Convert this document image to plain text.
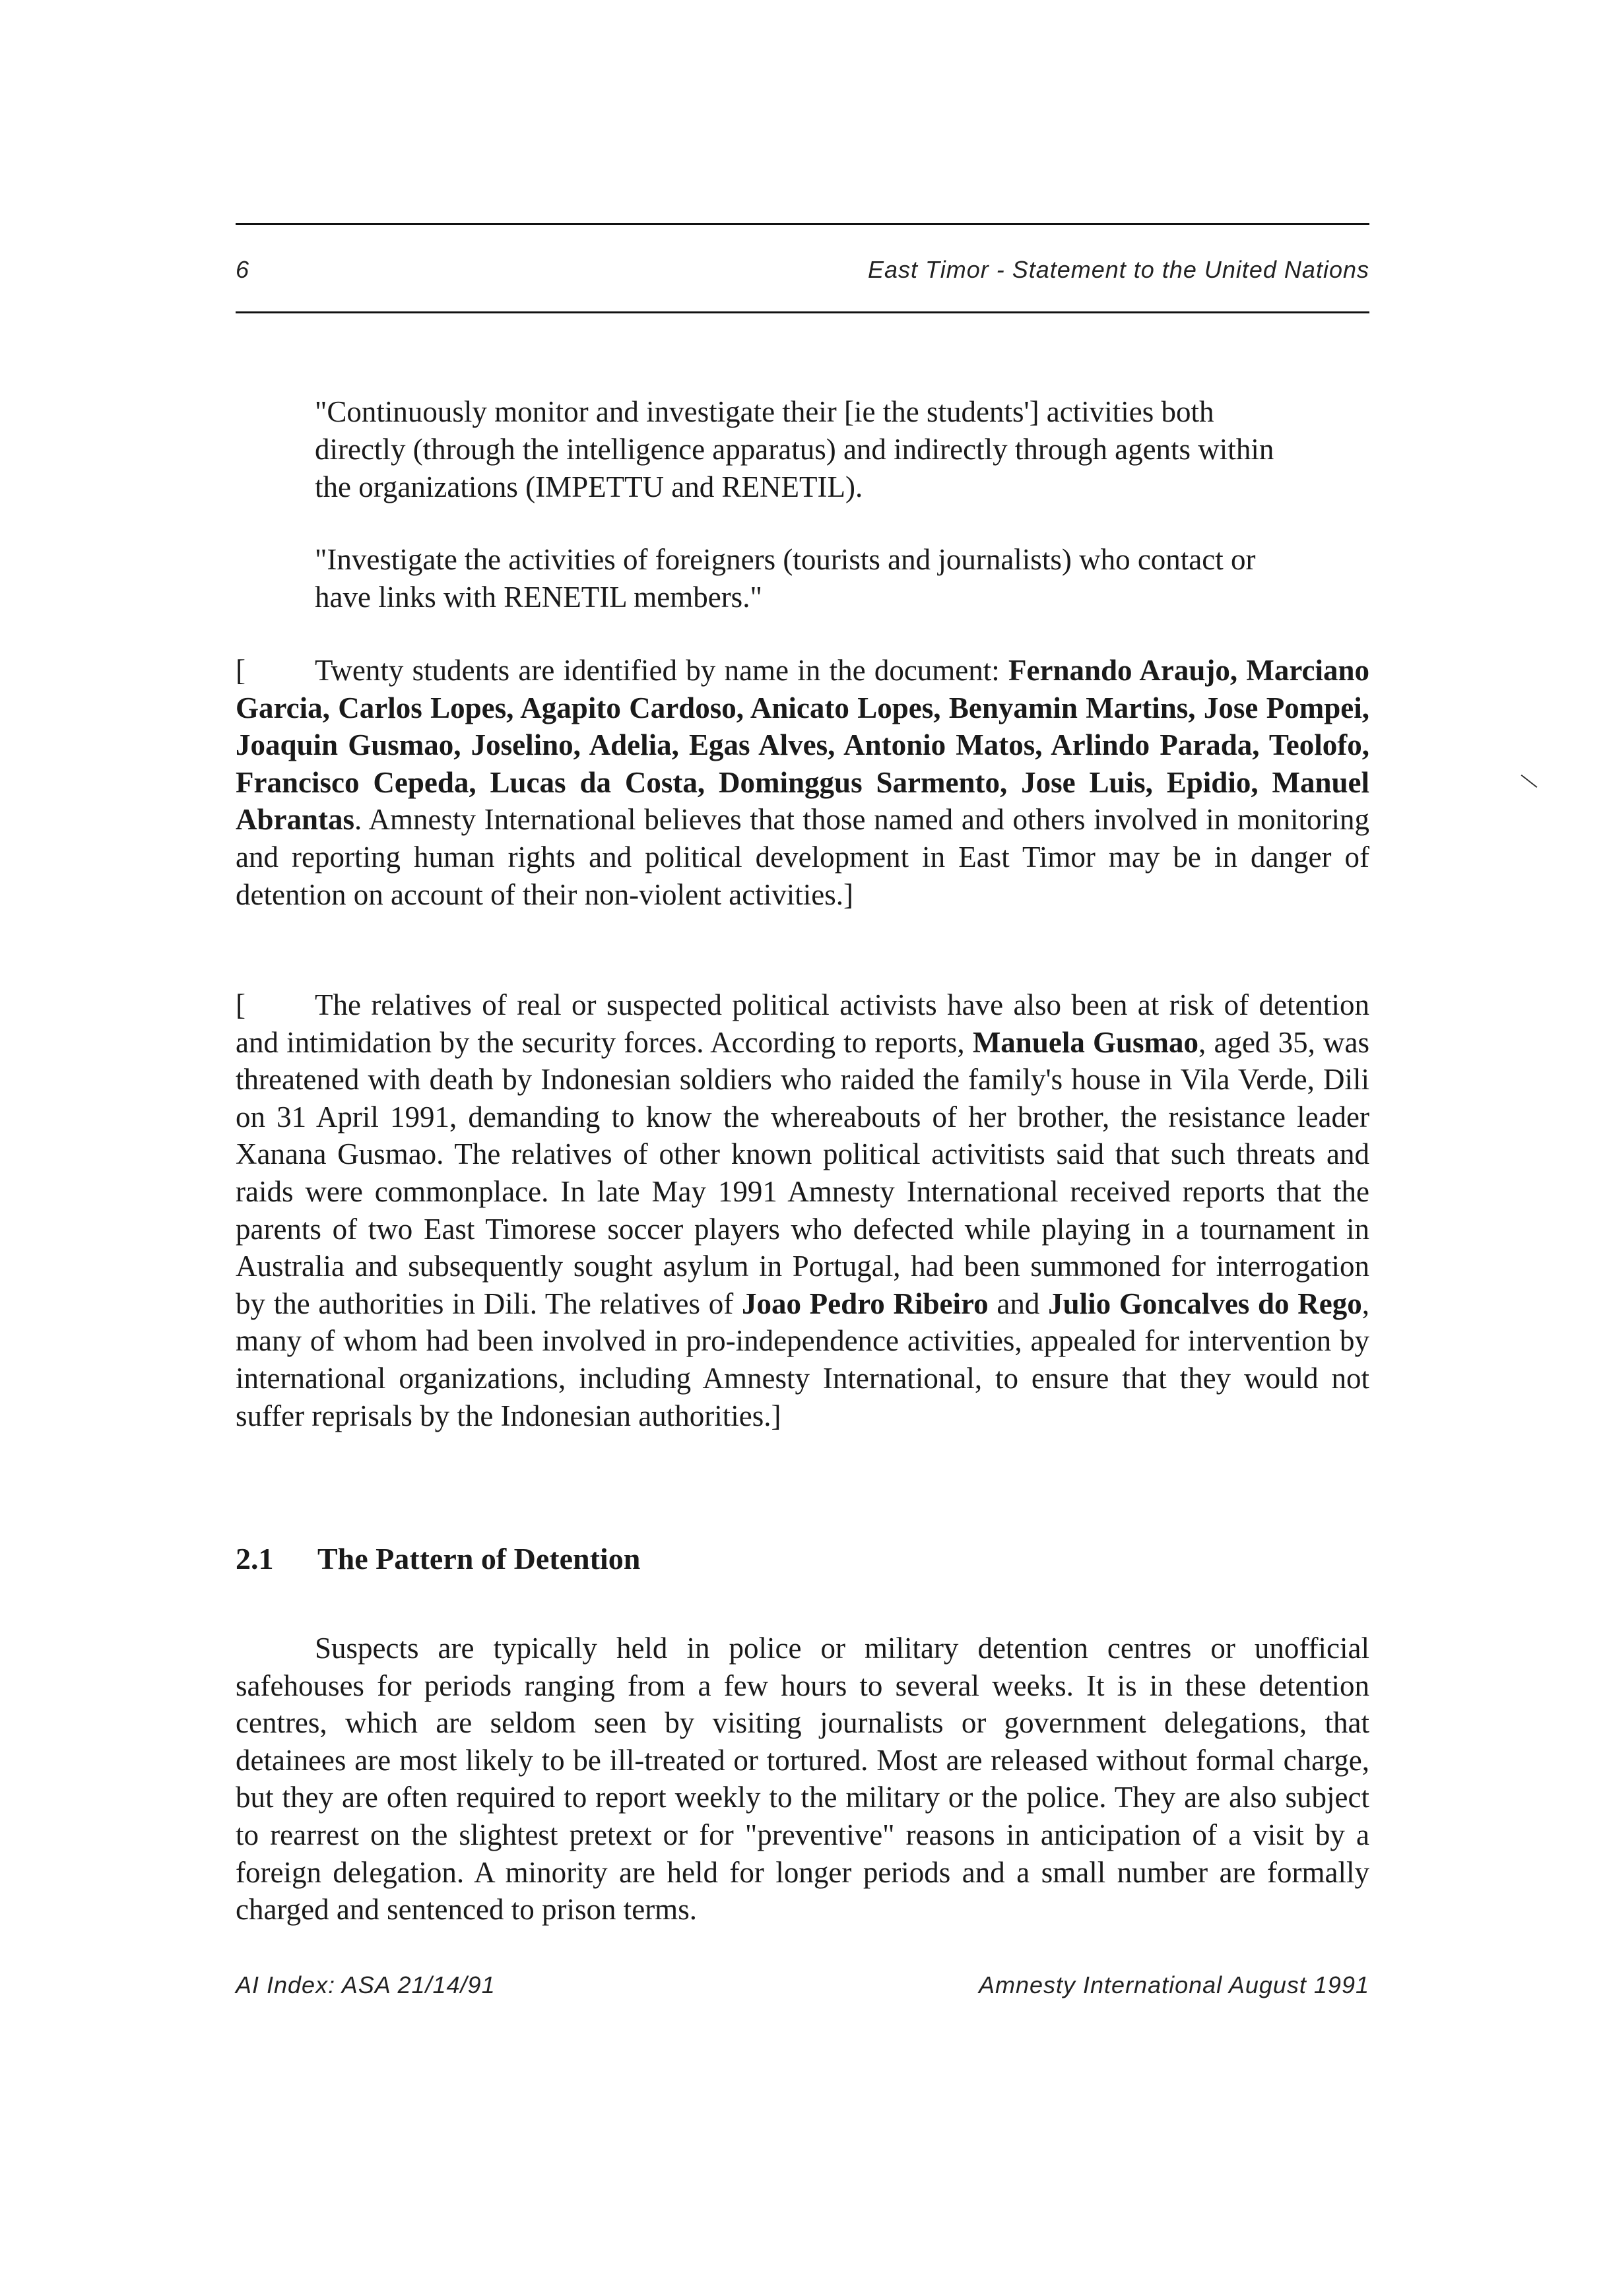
6	East Timor - Statement to the United Nations
"Continuously monitor and investigate their [ie the students'] activities both directly (through the intelligence apparatus) and indirectly through agents within the organizations (IMPETTU and RENETIL).
"Investigate the activities of foreigners (tourists and journalists) who contact or have links with RENETIL members."
[ Twenty students are identified by name in the document: Fernando Araujo, Marciano Garcia, Carlos Lopes, Agapito Cardoso, Anicato Lopes, Benyamin Martins, Jose Pompei, Joaquin Gusmao, Joselino, Adelia, Egas Alves, Antonio Matos, Arlindo Parada, Teolofo, Francisco Cepeda, Lucas da Costa, Dominggus Sarmento, Jose Luis, Epidio, Manuel Abrantas. Amnesty International believes that those named and others involved in monitoring and reporting human rights and political development in East Timor may be in danger of detention on account of their non-violent activities.]
[ The relatives of real or suspected political activists have also been at risk of detention and intimidation by the security forces. According to reports, Manuela Gusmao, aged 35, was threatened with death by Indonesian soldiers who raided the family's house in Vila Verde, Dili on 31 April 1991, demanding to know the whereabouts of her brother, the resistance leader Xanana Gusmao. The relatives of other known political activitists said that such threats and raids were commonplace. In late May 1991 Amnesty International received reports that the parents of two East Timorese soccer players who defected while playing in a tournament in Australia and subsequently sought asylum in Portugal, had been summoned for interrogation by the authorities in Dili. The relatives of Joao Pedro Ribeiro and Julio Goncalves do Rego, many of whom had been involved in pro-independence activities, appealed for intervention by international organizations, including Amnesty International, to ensure that they would not suffer reprisals by the Indonesian authorities.]
2.1 The Pattern of Detention
Suspects are typically held in police or military detention centres or unofficial safehouses for periods ranging from a few hours to several weeks. It is in these detention centres, which are seldom seen by visiting journalists or government delegations, that detainees are most likely to be ill-treated or tortured. Most are released without formal charge, but they are often required to report weekly to the military or the police. They are also subject to rearrest on the slightest pretext or for "preventive" reasons in anticipation of a visit by a foreign delegation. A minority are held for longer periods and a small number are formally charged and sentenced to prison terms.
AI Index: ASA 21/14/91	Amnesty International August 1991
